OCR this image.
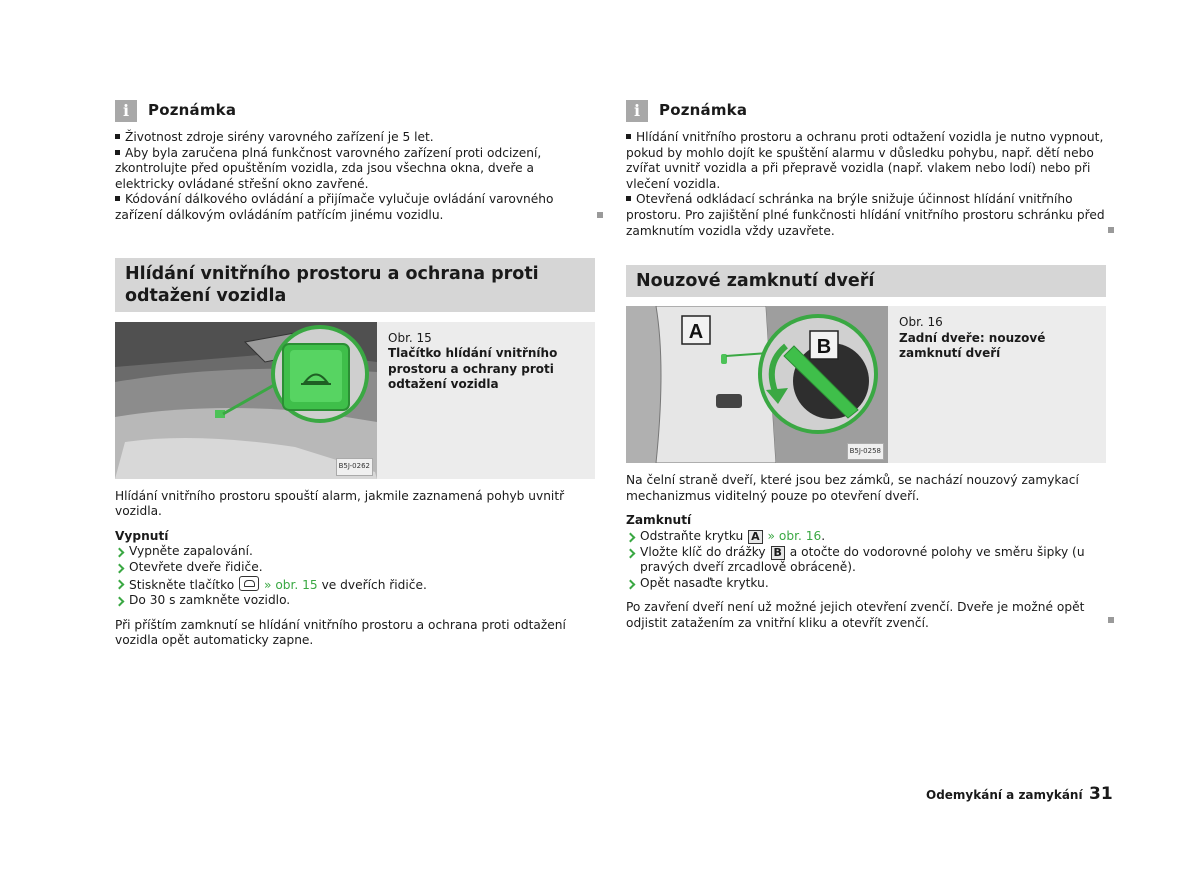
i	Poznámka

Životnost zdroje sirény varovného zařízení je 5 let.

Aby byla zaručena plná funkčnost varovného zařízení proti odcizení, zkontrolujte před opuštěním vozidla, zda jsou všechna okna, dveře a elektricky ovládané střešní okno zavřené.

Kódování dálkového ovládání a přijímače vylučuje ovládání varovného zařízení dálkovým ovládáním patřícím jinému vozidlu.

Hlídání vnitřního prostoru a ochrana proti odtažení vozidla
B5J-0262
Obr. 15
Tlačítko hlídání vnitřního prostoru a ochrany proti odtažení vozidla

Hlídání vnitřního prostoru spouští alarm, jakmile zaznamená pohyb uvnitř vozidla.

Vypnutí

Vypněte zapalování.

Otevřete dveře řidiče.

Stiskněte tlačítko » obr. 15 ve dveřích řidiče.

Do 30 s zamkněte vozidlo.

Při příštím zamknutí se hlídání vnitřního prostoru a ochrana proti odtažení vozidla opět automaticky zapne.

i	Poznámka

Hlídání vnitřního prostoru a ochranu proti odtažení vozidla je nutno vypnout, pokud by mohlo dojít ke spuštění alarmu v důsledku pohybu, např. dětí nebo zvířat uvnitř vozidla a při přepravě vozidla (např. vlakem nebo lodí) nebo při vlečení vozidla.

Otevřená odkládací schránka na brýle snižuje účinnost hlídání vnitřního prostoru. Pro zajištění plné funkčnosti hlídání vnitřního prostoru schránku před zamknutím vozidla vždy uzavřete.

Nouzové zamknutí dveří
A
B
B5J-0258
Obr. 16
Zadní dveře: nouzové zamknutí dveří

Na čelní straně dveří, které jsou bez zámků, se nachází nouzový zamykací mechanizmus viditelný pouze po otevření dveří.

Zamknutí

Odstraňte krytku A » obr. 16.

Vložte klíč do drážky B a otočte do vodorovné polohy ve směru šipky (u pravých dveří zrcadlově obráceně).

Opět nasaďte krytku.

Po zavření dveří není už možné jejich otevření zvenčí. Dveře je možné opět odjistit zatažením za vnitřní kliku a otevřít zvenčí.

Odemykání a zamykání 31
